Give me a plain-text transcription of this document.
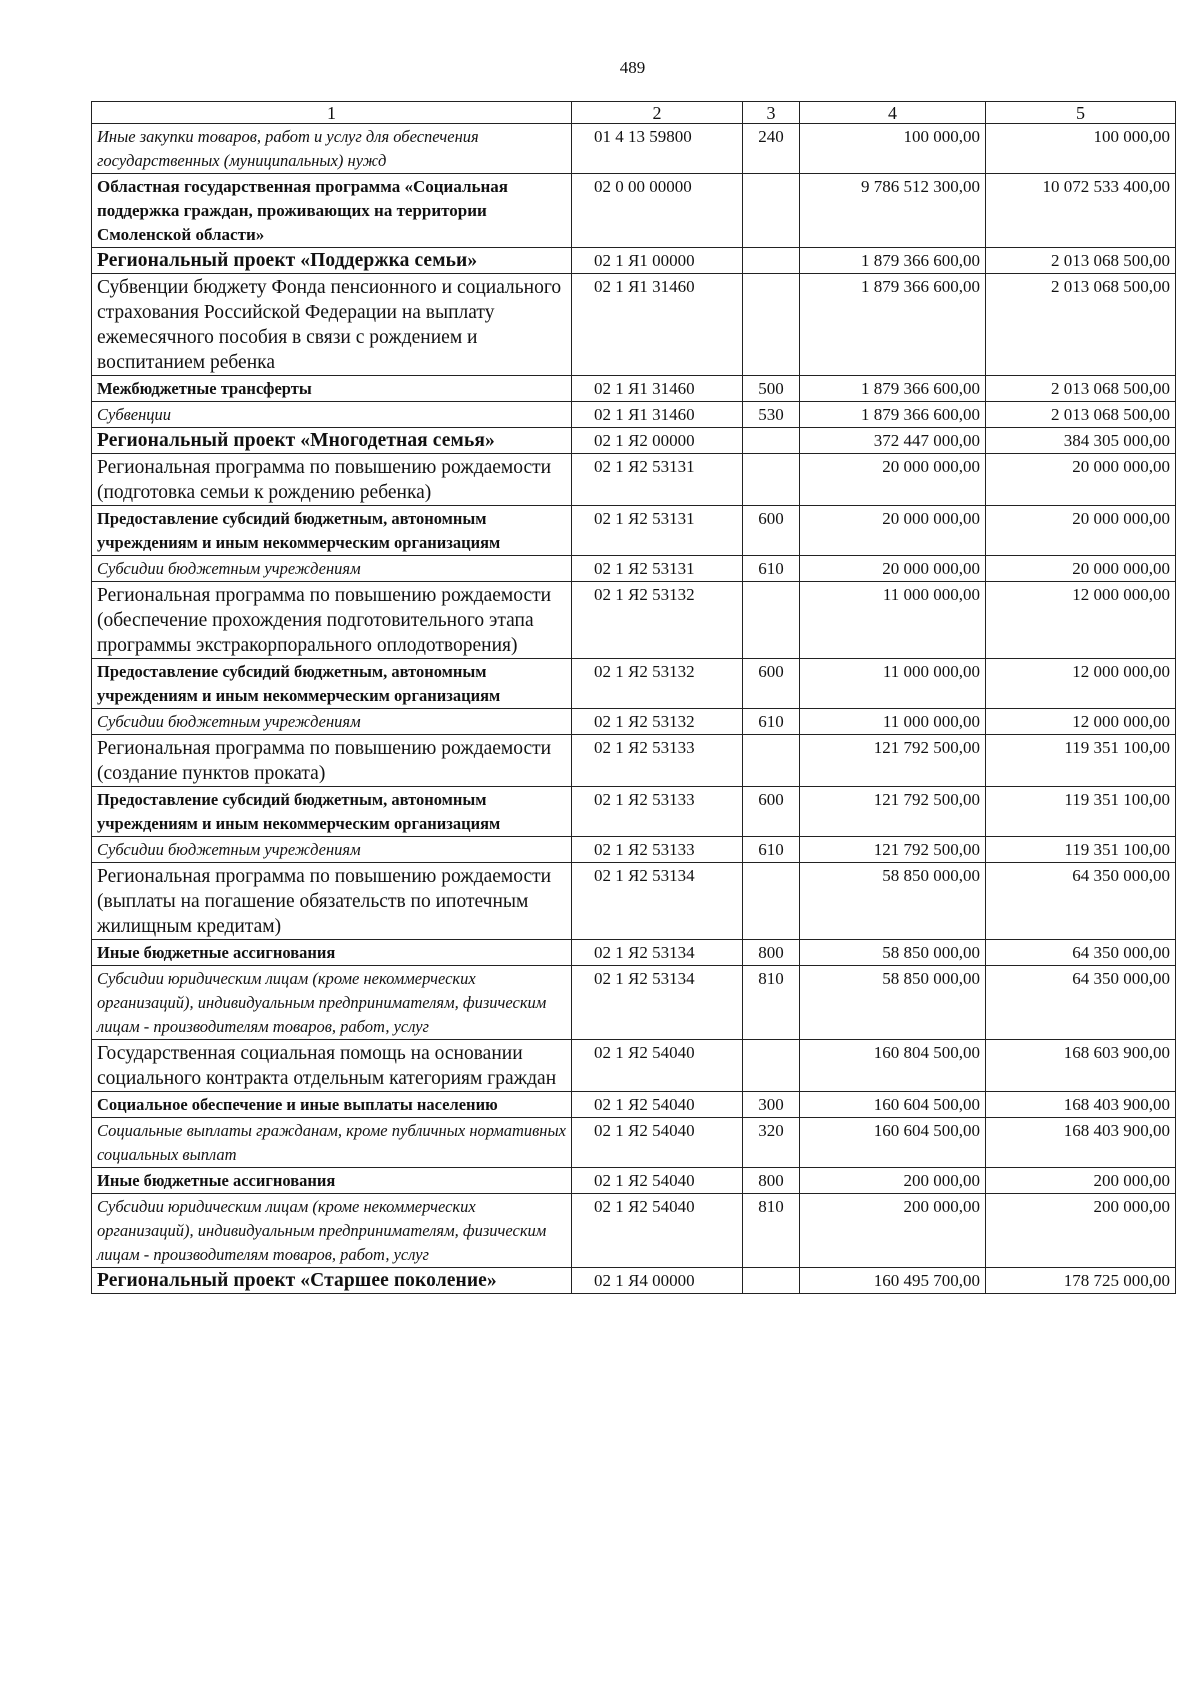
489
1	2	3	4	5
Иные закупки товаров, работ и услуг для обеспечения государственных (муниципальных) нужд	01 4 13 59800	240	100 000,00	100 000,00
Областная государственная программа «Социальная поддержка граждан, проживающих на территории Смоленской области»	02 0 00 00000		9 786 512 300,00	10 072 533 400,00
Региональный проект «Поддержка семьи»	02 1 Я1 00000		1 879 366 600,00	2 013 068 500,00
Субвенции бюджету Фонда пенсионного и социального страхования Российской Федерации на выплату ежемесячного пособия в связи с рождением и воспитанием ребенка	02 1 Я1 31460		1 879 366 600,00	2 013 068 500,00
Межбюджетные трансферты	02 1 Я1 31460	500	1 879 366 600,00	2 013 068 500,00
Субвенции	02 1 Я1 31460	530	1 879 366 600,00	2 013 068 500,00
Региональный проект «Многодетная семья»	02 1 Я2 00000		372 447 000,00	384 305 000,00
Региональная программа по повышению рождаемости (подготовка семьи к рождению ребенка)	02 1 Я2 53131		20 000 000,00	20 000 000,00
Предоставление субсидий бюджетным, автономным учреждениям и иным некоммерческим организациям	02 1 Я2 53131	600	20 000 000,00	20 000 000,00
Субсидии бюджетным учреждениям	02 1 Я2 53131	610	20 000 000,00	20 000 000,00
Региональная программа по повышению рождаемости (обеспечение прохождения подготовительного этапа программы экстракорпорального оплодотворения)	02 1 Я2 53132		11 000 000,00	12 000 000,00
Предоставление субсидий бюджетным, автономным учреждениям и иным некоммерческим организациям	02 1 Я2 53132	600	11 000 000,00	12 000 000,00
Субсидии бюджетным учреждениям	02 1 Я2 53132	610	11 000 000,00	12 000 000,00
Региональная программа по повышению рождаемости (создание пунктов проката)	02 1 Я2 53133		121 792 500,00	119 351 100,00
Предоставление субсидий бюджетным, автономным учреждениям и иным некоммерческим организациям	02 1 Я2 53133	600	121 792 500,00	119 351 100,00
Субсидии бюджетным учреждениям	02 1 Я2 53133	610	121 792 500,00	119 351 100,00
Региональная программа по повышению рождаемости (выплаты на погашение обязательств по ипотечным жилищным кредитам)	02 1 Я2 53134		58 850 000,00	64 350 000,00
Иные бюджетные ассигнования	02 1 Я2 53134	800	58 850 000,00	64 350 000,00
Субсидии юридическим лицам (кроме некоммерческих организаций), индивидуальным предпринимателям, физическим лицам - производителям товаров, работ, услуг	02 1 Я2 53134	810	58 850 000,00	64 350 000,00
Государственная социальная помощь на основании социального контракта отдельным категориям граждан	02 1 Я2 54040		160 804 500,00	168 603 900,00
Социальное обеспечение и иные выплаты населению	02 1 Я2 54040	300	160 604 500,00	168 403 900,00
Социальные выплаты гражданам, кроме публичных нормативных социальных выплат	02 1 Я2 54040	320	160 604 500,00	168 403 900,00
Иные бюджетные ассигнования	02 1 Я2 54040	800	200 000,00	200 000,00
Субсидии юридическим лицам (кроме некоммерческих организаций), индивидуальным предпринимателям, физическим лицам - производителям товаров, работ, услуг	02 1 Я2 54040	810	200 000,00	200 000,00
Региональный проект «Старшее поколение»	02 1 Я4 00000		160 495 700,00	178 725 000,00
